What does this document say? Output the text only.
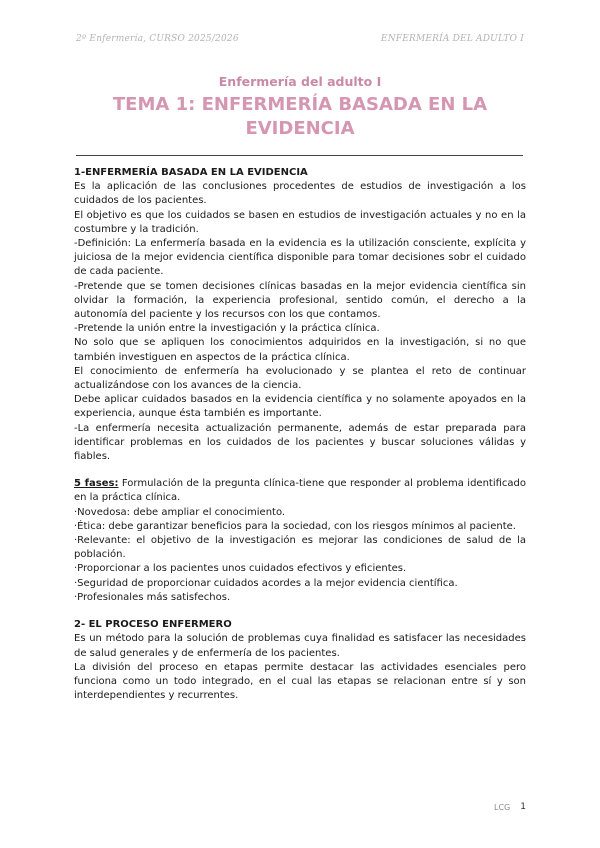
2º Enfermería, CURSO 2025/2026	ENFERMERÍA DEL ADULTO I
Enfermería del adulto I
TEMA 1: ENFERMERÍA BASADA EN LA EVIDENCIA

1-ENFERMERÍA BASADA EN LA EVIDENCIA

Es la aplicación de las conclusiones procedentes de estudios de investigación a los cuidados de los pacientes.

El objetivo es que los cuidados se basen en estudios de investigación actuales y no en la costumbre y la tradición.

-Definición: La enfermería basada en la evidencia es la utilización consciente, explícita y juiciosa de la mejor evidencia científica disponible para tomar decisiones sobr el cuidado de cada paciente.

-Pretende que se tomen decisiones clínicas basadas en la mejor evidencia científica sin olvidar la formación, la experiencia profesional, sentido común, el derecho a la autonomía del paciente y los recursos con los que contamos.

-Pretende la unión entre la investigación y la práctica clínica.

No solo que se apliquen los conocimientos adquiridos en la investigación, si no que también investiguen en aspectos de la práctica clínica.

El conocimiento de enfermería ha evolucionado y se plantea el reto de continuar actualizándose con los avances de la ciencia.

Debe aplicar cuidados basados en la evidencia científica y no solamente apoyados en la experiencia, aunque ésta también es importante.

-La enfermería necesita actualización permanente, además de estar preparada para identificar problemas en los cuidados de los pacientes y buscar soluciones válidas y fiables.

5 fases: Formulación de la pregunta clínica-tiene que responder al problema identificado en la práctica clínica.

·Novedosa: debe ampliar el conocimiento.

·Ética: debe garantizar beneficios para la sociedad, con los riesgos mínimos al paciente.

·Relevante: el objetivo de la investigación es mejorar las condiciones de salud de la población.

·Proporcionar a los pacientes unos cuidados efectivos y eficientes.

·Seguridad de proporcionar cuidados acordes a la mejor evidencia científica.

·Profesionales más satisfechos.

2- EL PROCESO ENFERMERO

Es un método para la solución de problemas cuya finalidad es satisfacer las necesidades de salud generales y de enfermería de los pacientes.

La división del proceso en etapas permite destacar las actividades esenciales pero funciona como un todo integrado, en el cual las etapas se relacionan entre sí y son interdependientes y recurrentes.

LCG 1
